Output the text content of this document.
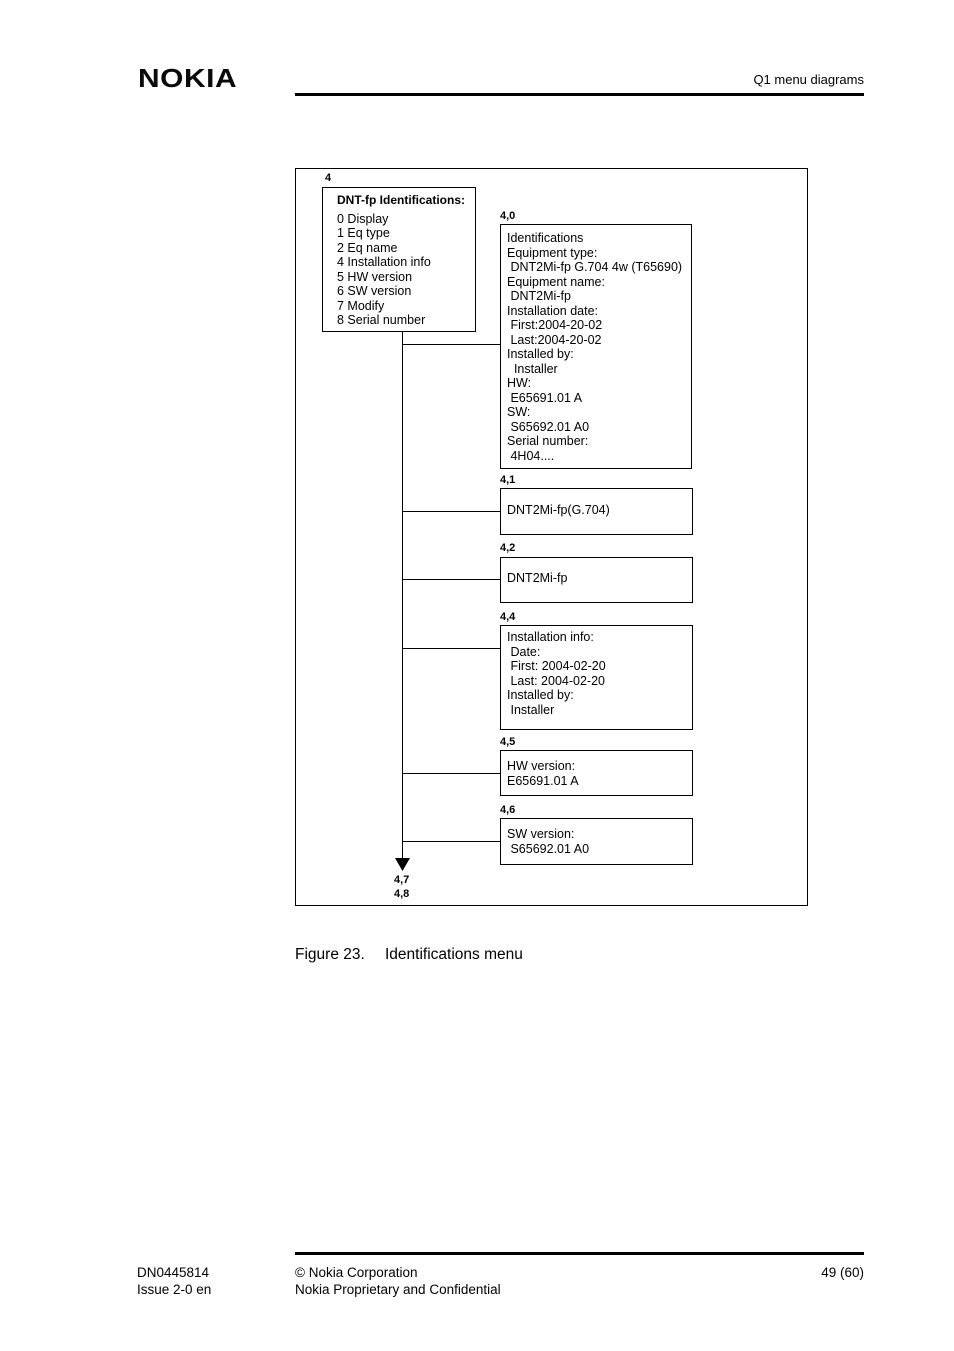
NOKIA	Q1 menu diagrams
4
DNT-fp Identifications:
0 Display
1 Eq type
2 Eq name
4 Installation info
5 HW version
6 SW version
7 Modify
8 Serial number
4,7
4,8
4,0
Identifications
Equipment type:
DNT2Mi-fp G.704 4w (T65690)
Equipment name:
DNT2Mi-fp
Installation date:
First:2004-20-02
Last:2004-20-02
Installed by:
Installer
HW:
E65691.01 A
SW:
S65692.01 A0
Serial number:
4H04....
4,1
DNT2Mi-fp(G.704)
4,2
DNT2Mi-fp
4,4
Installation info:
Date:
First: 2004-02-20
Last: 2004-02-20
Installed by:
Installer
4,5
HW version:
E65691.01 A
4,6
SW version:
S65692.01 A0
Figure 23. Identifications menu
DN0445814
Issue 2-0 en
© Nokia Corporation
Nokia Proprietary and Confidential
49 (60)
